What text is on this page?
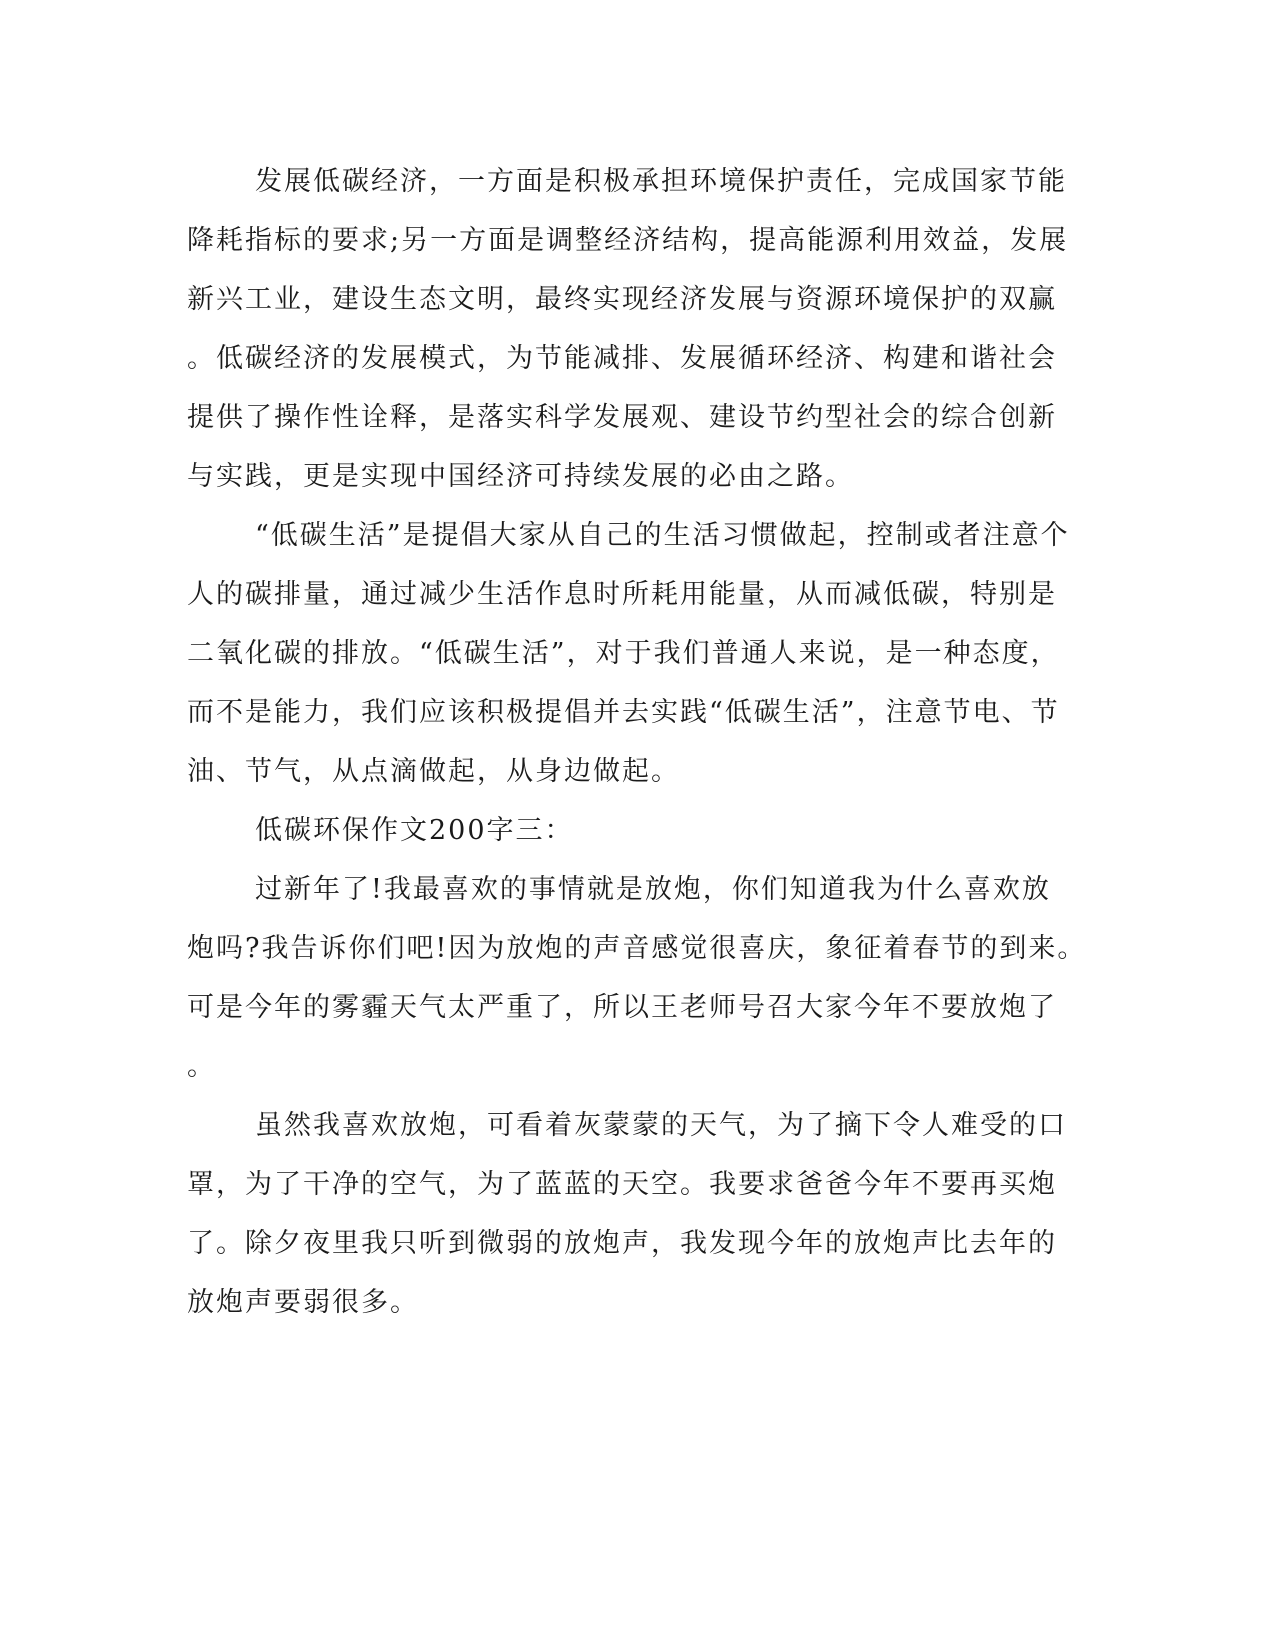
发展低碳经济，一方面是积极承担环境保护责任，完成国家节能
降耗指标的要求;另一方面是调整经济结构，提高能源利用效益，发展
新兴工业，建设生态文明，最终实现经济发展与资源环境保护的双赢
。低碳经济的发展模式，为节能减排、发展循环经济、构建和谐社会
提供了操作性诠释，是落实科学发展观、建设节约型社会的综合创新
与实践，更是实现中国经济可持续发展的必由之路。
“低碳生活”是提倡大家从自己的生活习惯做起，控制或者注意个
人的碳排量，通过减少生活作息时所耗用能量，从而减低碳，特别是
二氧化碳的排放。“低碳生活”，对于我们普通人来说，是一种态度，
而不是能力，我们应该积极提倡并去实践“低碳生活”，注意节电、节
油、节气，从点滴做起，从身边做起。
低碳环保作文200字三：
过新年了!我最喜欢的事情就是放炮，你们知道我为什么喜欢放
炮吗?我告诉你们吧!因为放炮的声音感觉很喜庆，象征着春节的到来。
可是今年的雾霾天气太严重了，所以王老师号召大家今年不要放炮了
。
虽然我喜欢放炮，可看着灰蒙蒙的天气，为了摘下令人难受的口
罩，为了干净的空气，为了蓝蓝的天空。我要求爸爸今年不要再买炮
了。除夕夜里我只听到微弱的放炮声，我发现今年的放炮声比去年的
放炮声要弱很多。
